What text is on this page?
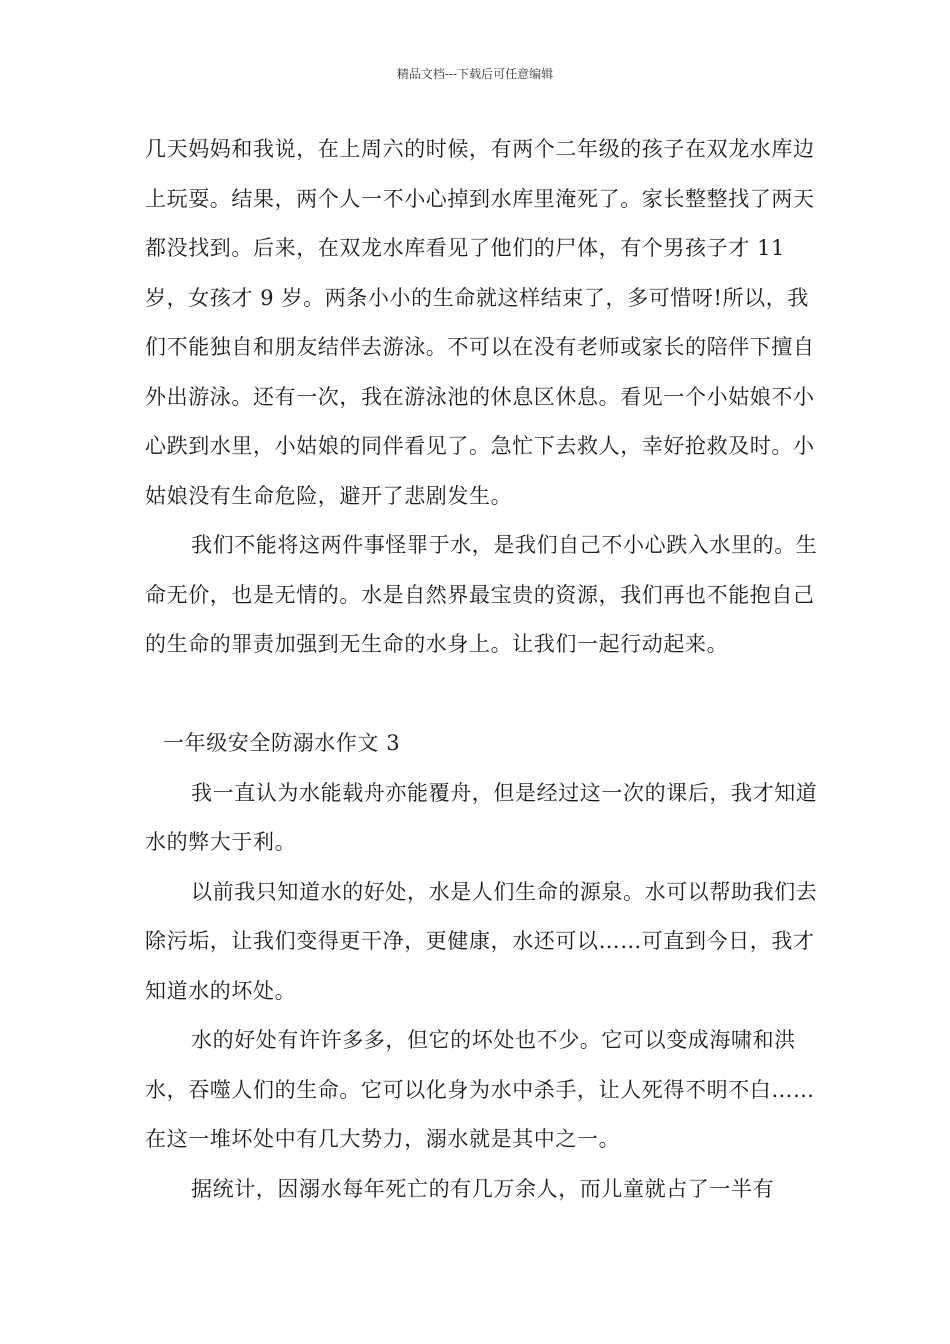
精品文档---下载后可任意编辑

几天妈妈和我说，在上周六的时候，有两个二年级的孩子在双龙水库边上玩耍。结果，两个人一不小心掉到水库里淹死了。家长整整找了两天都没找到。后来，在双龙水库看见了他们的尸体，有个男孩子才 11 岁，女孩才 9 岁。两条小小的生命就这样结束了，多可惜呀!所以，我们不能独自和朋友结伴去游泳。不可以在没有老师或家长的陪伴下擅自外出游泳。还有一次，我在游泳池的休息区休息。看见一个小姑娘不小心跌到水里，小姑娘的同伴看见了。急忙下去救人，幸好抢救及时。小姑娘没有生命危险，避开了悲剧发生。

我们不能将这两件事怪罪于水，是我们自己不小心跌入水里的。生命无价，也是无情的。水是自然界最宝贵的资源，我们再也不能抱自己的生命的罪责加强到无生命的水身上。让我们一起行动起来。

一年级安全防溺水作文 3

我一直认为水能载舟亦能覆舟，但是经过这一次的课后，我才知道水的弊大于利。

以前我只知道水的好处，水是人们生命的源泉。水可以帮助我们去除污垢，让我们变得更干净，更健康，水还可以……可直到今日，我才知道水的坏处。

水的好处有许许多多，但它的坏处也不少。它可以变成海啸和洪水，吞噬人们的生命。它可以化身为水中杀手，让人死得不明不白……在这一堆坏处中有几大势力，溺水就是其中之一。

据统计，因溺水每年死亡的有几万余人，而儿童就占了一半有
